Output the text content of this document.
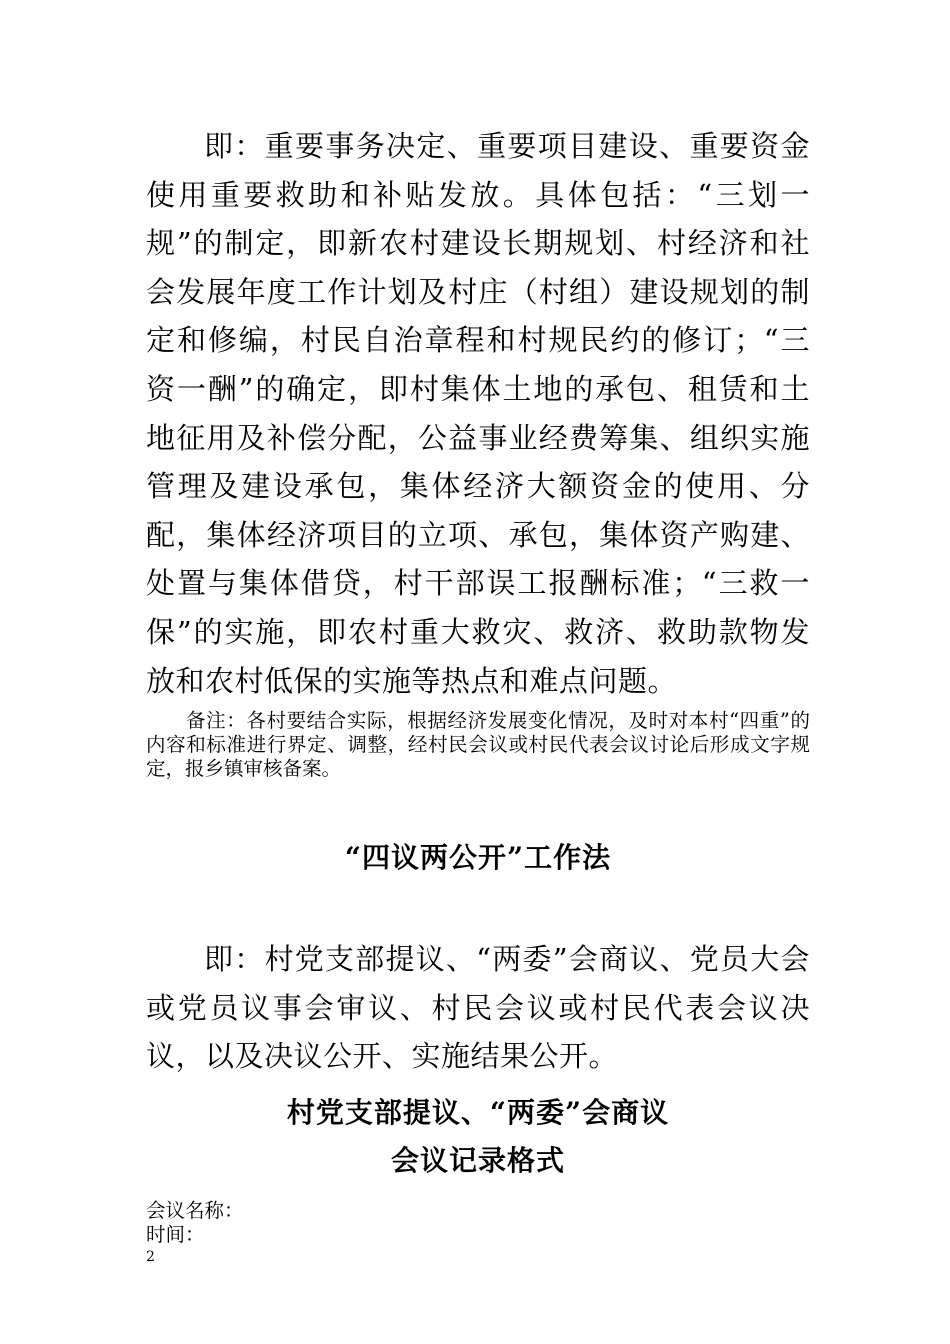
即：重要事务决定、重要项目建设、重要资金使用重要救助和补贴发放。具体包括：“三划一规”的制定，即新农村建设长期规划、村经济和社会发展年度工作计划及村庄（村组）建设规划的制定和修编，村民自治章程和村规民约的修订；“三资一酬”的确定，即村集体土地的承包、租赁和土地征用及补偿分配，公益事业经费筹集、组织实施管理及建设承包，集体经济大额资金的使用、分配，集体经济项目的立项、承包，集体资产购建、处置与集体借贷，村干部误工报酬标准；“三救一保”的实施，即农村重大救灾、救济、救助款物发放和农村低保的实施等热点和难点问题。

备注：各村要结合实际，根据经济发展变化情况，及时对本村“四重”的内容和标准进行界定、调整，经村民会议或村民代表会议讨论后形成文字规定，报乡镇审核备案。

“四议两公开”工作法

即：村党支部提议、“两委”会商议、党员大会或党员议事会审议、村民会议或村民代表会议决议，以及决议公开、实施结果公开。

村党支部提议、“两委”会商议
会议记录格式

会议名称：

时间：

2
